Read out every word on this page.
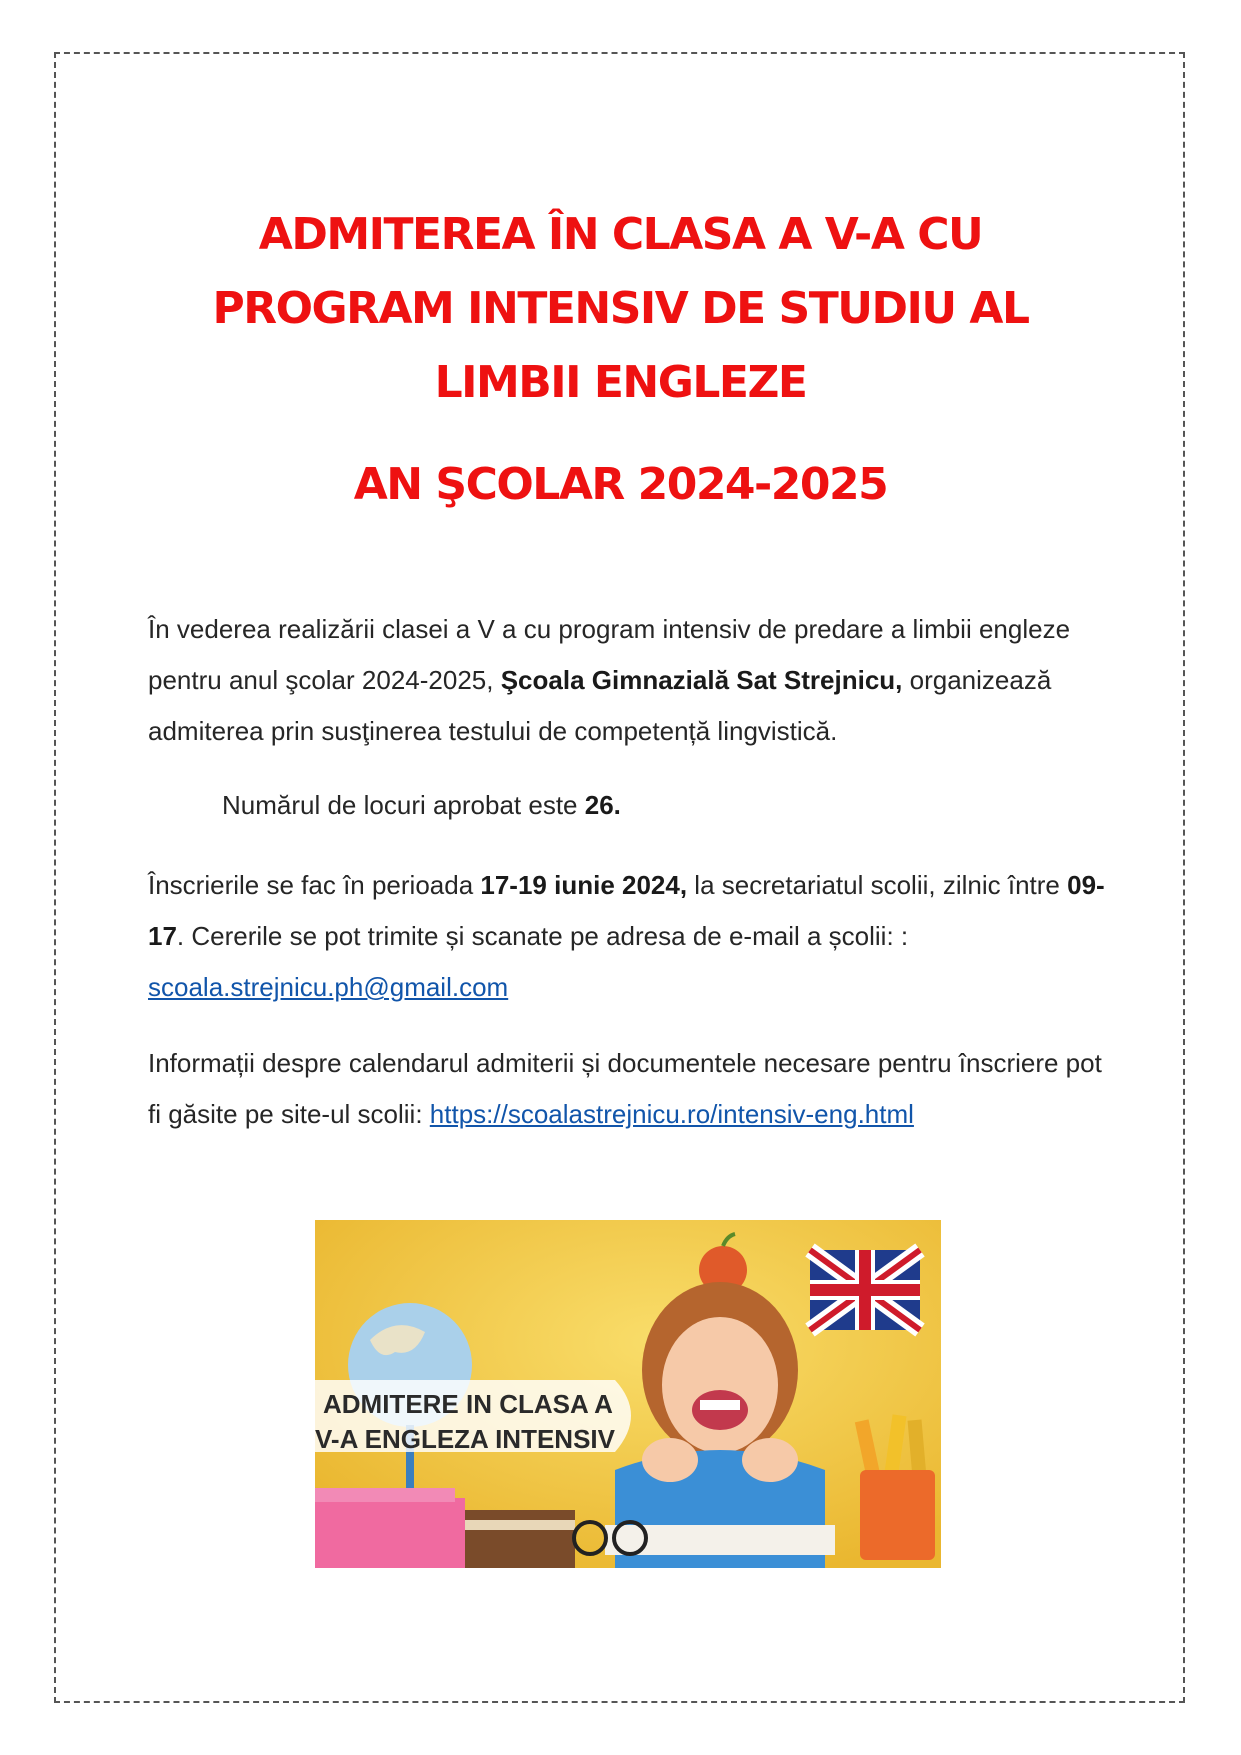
ADMITEREA ÎN CLASA A V-A CU
PROGRAM INTENSIV DE STUDIU AL
LIMBII ENGLEZE
AN ŞCOLAR 2024-2025

În vederea realizării clasei a V a cu program intensiv de predare a limbii engleze pentru anul şcolar 2024-2025, Şcoala Gimnazială Sat Strejnicu, organizează admiterea prin susţinerea testului de competență lingvistică.

Numărul de locuri aprobat este 26.

Înscrierile se fac în perioada 17-19 iunie 2024, la secretariatul scolii, zilnic între 09-17. Cererile se pot trimite și scanate pe adresa de e-mail a școlii: : scoala.strejnicu.ph@gmail.com

Informații despre calendarul admiterii și documentele necesare pentru înscriere pot fi găsite pe site-ul scolii: https://scoalastrejnicu.ro/intensiv-eng.html

ADMITERE IN CLASA A
V-A ENGLEZA INTENSIV
